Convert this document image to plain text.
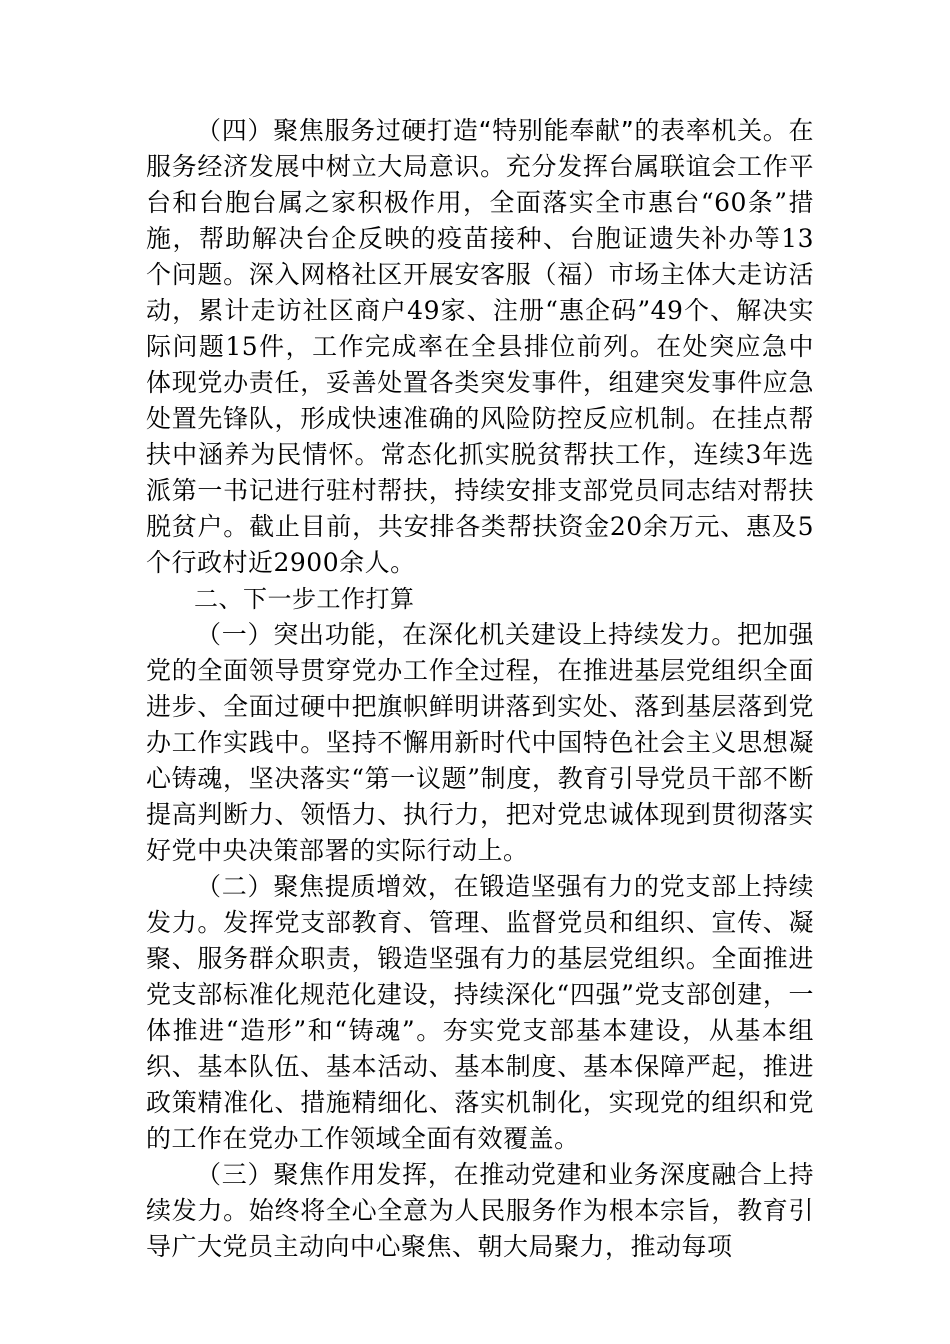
（四）聚焦服务过硬打造“特别能奉献”的表率机关。在服务经济发展中树立大局意识。充分发挥台属联谊会工作平台和台胞台属之家积极作用，全面落实全市惠台“60条”措施，帮助解决台企反映的疫苗接种、台胞证遗失补办等13个问题。深入网格社区开展安客服（福）市场主体大走访活动，累计走访社区商户49家、注册“惠企码”49个、解决实际问题15件，工作完成率在全县排位前列。在处突应急中体现党办责任，妥善处置各类突发事件，组建突发事件应急处置先锋队，形成快速准确的风险防控反应机制。在挂点帮扶中涵养为民情怀。常态化抓实脱贫帮扶工作，连续3年选派第一书记进行驻村帮扶，持续安排支部党员同志结对帮扶脱贫户。截止目前，共安排各类帮扶资金20余万元、惠及5个行政村近2900余人。

二、下一步工作打算

（一）突出功能，在深化机关建设上持续发力。把加强党的全面领导贯穿党办工作全过程，在推进基层党组织全面进步、全面过硬中把旗帜鲜明讲落到实处、落到基层落到党办工作实践中。坚持不懈用新时代中国特色社会主义思想凝心铸魂，坚决落实“第一议题”制度，教育引导党员干部不断提高判断力、领悟力、执行力，把对党忠诚体现到贯彻落实好党中央决策部署的实际行动上。

（二）聚焦提质增效，在锻造坚强有力的党支部上持续发力。发挥党支部教育、管理、监督党员和组织、宣传、凝聚、服务群众职责，锻造坚强有力的基层党组织。全面推进党支部标准化规范化建设，持续深化“四强”党支部创建，一体推进“造形”和“铸魂”。夯实党支部基本建设，从基本组织、基本队伍、基本活动、基本制度、基本保障严起，推进政策精准化、措施精细化、落实机制化，实现党的组织和党的工作在党办工作领域全面有效覆盖。

（三）聚焦作用发挥，在推动党建和业务深度融合上持续发力。始终将全心全意为人民服务作为根本宗旨，教育引导广大党员主动向中心聚焦、朝大局聚力，推动每项
